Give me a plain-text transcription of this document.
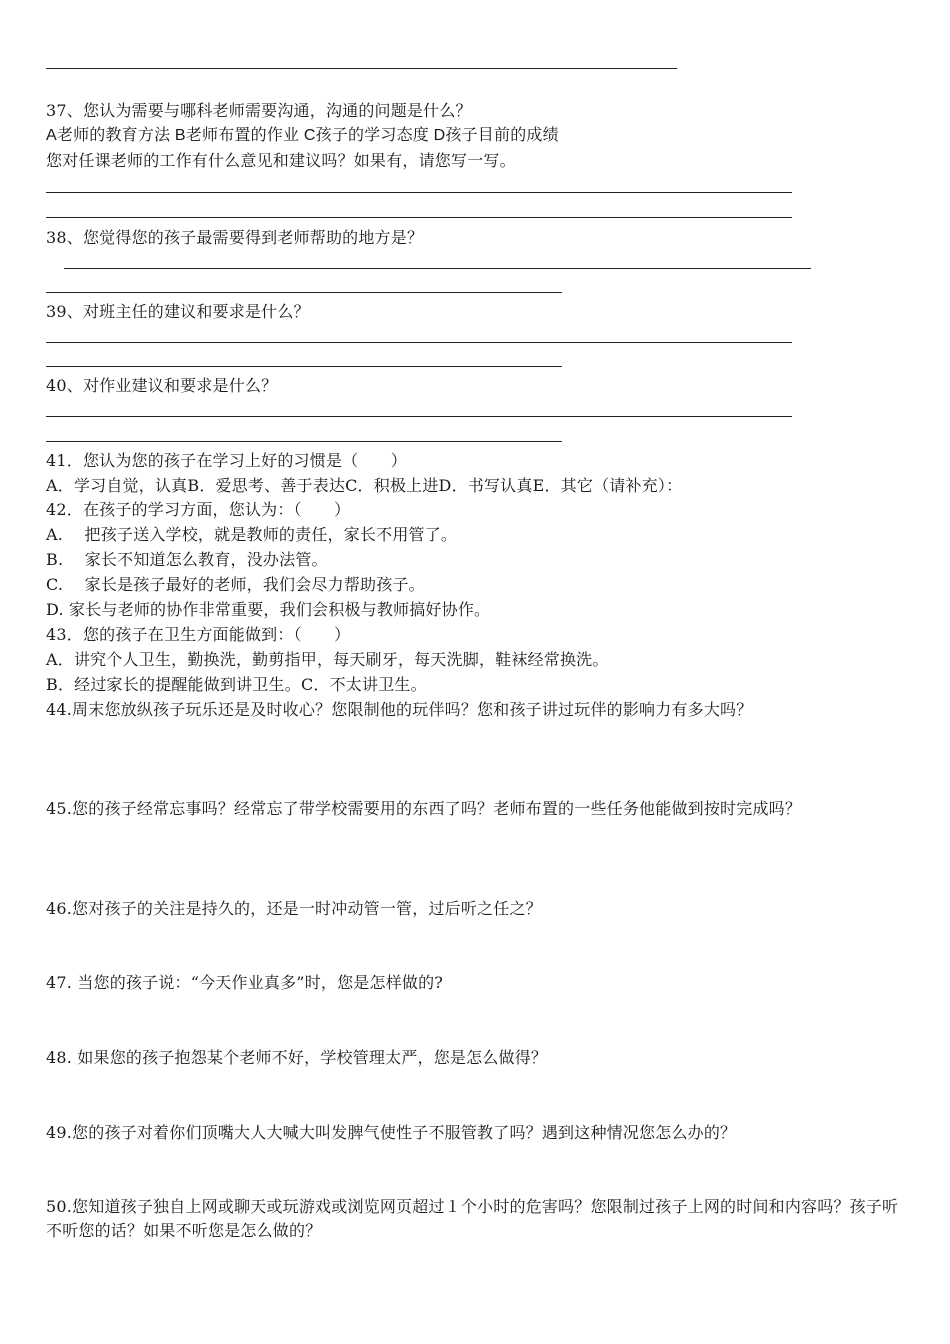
37、您认为需要与哪科老师需要沟通，沟通的问题是什么？
A老师的教育方法 B老师布置的作业 C孩子的学习态度 D孩子目前的成绩
您对任课老师的工作有什么意见和建议吗？如果有，请您写一写。
38、您觉得您的孩子最需要得到老师帮助的地方是？
39、对班主任的建议和要求是什么？
40、对作业建议和要求是什么？
41．您认为您的孩子在学习上好的习惯是（　　）
A．学习自觉，认真B．爱思考、善于表达C．积极上进D．书写认真E．其它（请补充）：
42．在孩子的学习方面，您认为：（　　）
A.　 把孩子送入学校，就是教师的责任，家长不用管了。
B.　 家长不知道怎么教育，没办法管。
C.　 家长是孩子最好的老师，我们会尽力帮助孩子。
D. 家长与老师的协作非常重要，我们会积极与教师搞好协作。
43．您的孩子在卫生方面能做到：（　　）
A．讲究个人卫生，勤换洗，勤剪指甲，每天刷牙，每天洗脚，鞋袜经常换洗。
B．经过家长的提醒能做到讲卫生。C．不太讲卫生。
44.周末您放纵孩子玩乐还是及时收心？您限制他的玩伴吗？您和孩子讲过玩伴的影响力有多大吗？
45.您的孩子经常忘事吗？经常忘了带学校需要用的东西了吗？老师布置的一些任务他能做到按时完成吗？
46.您对孩子的关注是持久的，还是一时冲动管一管，过后听之任之？
47. 当您的孩子说：“今天作业真多”时，您是怎样做的?
48. 如果您的孩子抱怨某个老师不好，学校管理太严，您是怎么做得？
49.您的孩子对着你们顶嘴大人大喊大叫发脾气使性子不服管教了吗？遇到这种情况您怎么办的？
50.您知道孩子独自上网或聊天或玩游戏或浏览网页超过１个小时的危害吗？您限制过孩子上网的时间和内容吗？孩子听不听您的话？如果不听您是怎么做的？
